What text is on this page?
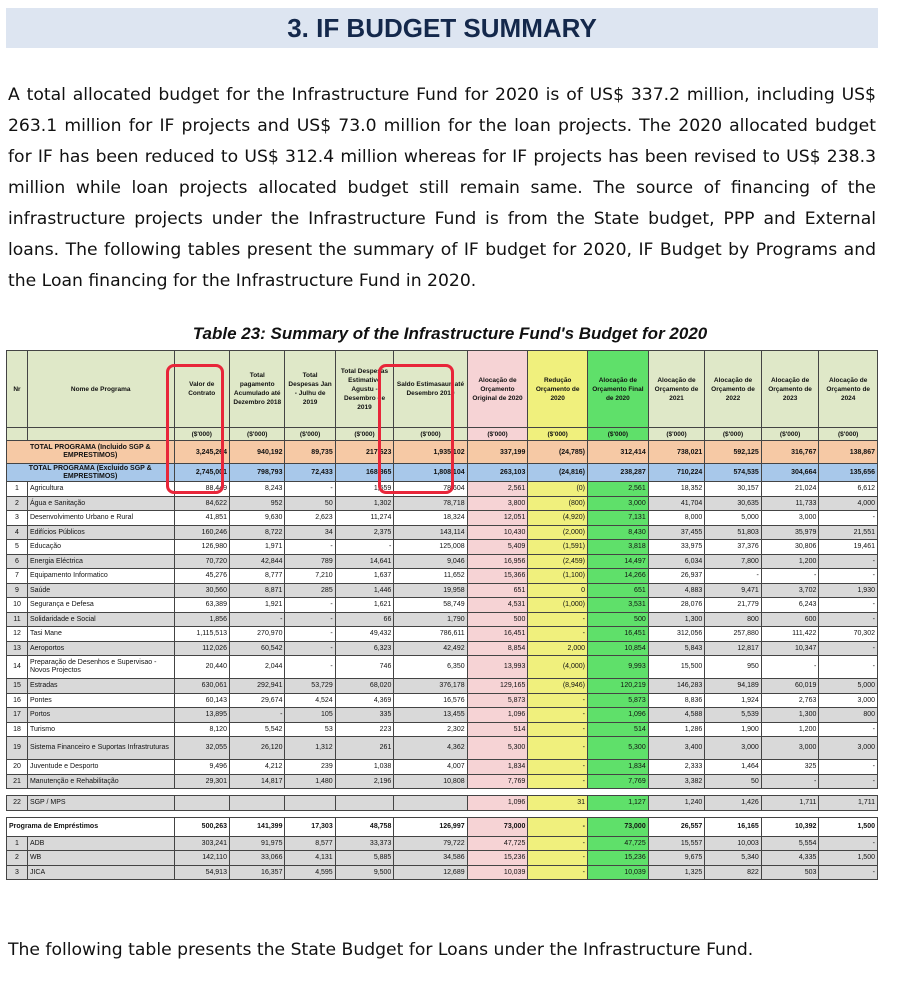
3. IF BUDGET SUMMARY
A total allocated budget for the Infrastructure Fund for 2020 is of US$ 337.2 million, including US$ 263.1 million for IF projects and US$ 73.0 million for the loan projects. The 2020 allocated budget for IF has been reduced to US$ 312.4 million whereas for IF projects has been revised to US$ 238.3 million while loan projects allocated budget still remain same. The source of financing of the infrastructure projects under the Infrastructure Fund is from the State budget, PPP and External loans. The following tables present the summary of IF budget for 2020, IF Budget by Programs and the Loan financing for the Infrastructure Fund in 2020.
Table 23: Summary of the Infrastructure Fund's Budget for 2020
Nr	Nome de Programa	Valor de Contrato	Total pagamento Acumulado até Dezembro 2018	Total Despesas Jan - Julhu de 2019	Total Despesas Estimativo Agustu - Desembro de 2019	Saldo Estimasaun até Desembro 2019	Alocação de Orçamento Original de 2020	Redução Orçamento de 2020	Alocação de Orçamento Final de 2020	Alocação de Orçamento de 2021	Alocação de Orçamento de 2022	Alocação de Orçamento de 2023	Alocação de Orçamento de 2024
		($'000)	($'000)	($'000)	($'000)	($'000)	($'000)	($'000)	($'000)	($'000)	($'000)	($'000)	($'000)
TOTAL PROGRAMA (Incluido SGP & EMPRESTIMOS)		3,245,264	940,192	89,735	217,623	1,935,102	337,199	(24,785)	312,414	738,021	592,125	316,767	138,867
TOTAL PROGRAMA (Excluido SGP & EMPRESTIMOS)		2,745,001	798,793	72,433	168,865	1,808,104	263,103	(24,816)	238,287	710,224	574,535	304,664	135,656
1	Agricultura	88,449	8,243	-	1,559	78,604	2,561	(0)	2,561	18,352	30,157	21,024	6,612
2	Água e Sanitação	84,622	952	50	1,302	78,718	3,800	(800)	3,000	41,704	30,635	11,733	4,000
3	Desenvolvimento Urbano e Rural	41,851	9,630	2,623	11,274	18,324	12,051	(4,920)	7,131	8,000	5,000	3,000	-
4	Edifícios Públicos	160,246	8,722	34	2,375	143,114	10,430	(2,000)	8,430	37,455	51,803	35,979	21,551
5	Educação	126,980	1,971	-	-	125,008	5,409	(1,591)	3,818	33,975	37,376	30,806	19,461
6	Energia Eléctrica	70,720	42,844	789	14,641	9,046	16,956	(2,459)	14,497	6,034	7,800	1,200	-
7	Equipamento Informatico	45,276	8,777	7,210	1,637	11,652	15,366	(1,100)	14,266	26,937	-	-	-
9	Saúde	30,560	8,871	285	1,446	19,958	651	0	651	4,883	9,471	3,702	1,930
10	Segurança e Defesa	63,389	1,921	-	1,621	58,749	4,531	(1,000)	3,531	28,076	21,779	6,243	-
11	Solidaridade e Social	1,856	-	-	66	1,790	500	-	500	1,300	800	600	-
12	Tasi Mane	1,115,513	270,970	-	49,432	786,611	16,451	-	16,451	312,056	257,880	111,422	70,302
13	Aeroportos	112,026	60,542	-	6,323	42,492	8,854	2,000	10,854	5,843	12,817	10,347	-
14	Preparação de Desenhos e Supervisao - Novos Projectos	20,440	2,044	-	746	6,350	13,993	(4,000)	9,993	15,500	950	-	-
15	Estradas	630,061	292,941	53,729	68,020	376,178	129,165	(8,946)	120,219	146,283	94,189	60,019	5,000
16	Pontes	60,143	29,674	4,524	4,369	16,576	5,873	-	5,873	8,836	1,924	2,763	3,000
17	Portos	13,895	-	105	335	13,455	1,096	-	1,096	4,588	5,539	1,300	800
18	Turismo	8,120	5,542	53	223	2,302	514	-	514	1,286	1,900	1,200	-
19	Sistema Financeiro e Suportas Infrastruturas	32,055	26,120	1,312	261	4,362	5,300	-	5,300	3,400	3,000	3,000	3,000
20	Juventude e Desporto	9,496	4,212	239	1,038	4,007	1,834	-	1,834	2,333	1,464	325	-
21	Manutenção e Rehabilitação	29,301	14,817	1,480	2,196	10,808	7,769	-	7,769	3,382	50	-	-

22	SGP / MPS						1,096	31	1,127	1,240	1,426	1,711	1,711

Programa de Empréstimos		500,263	141,399	17,303	48,758	126,997	73,000	-	73,000	26,557	16,165	10,392	1,500
1	ADB	303,241	91,975	8,577	33,373	79,722	47,725	-	47,725	15,557	10,003	5,554	-
2	WB	142,110	33,066	4,131	5,885	34,586	15,236	-	15,236	9,675	5,340	4,335	1,500
3	JICA	54,913	16,357	4,595	9,500	12,689	10,039	-	10,039	1,325	822	503	-
The following table presents the State Budget for Loans under the Infrastructure Fund.
